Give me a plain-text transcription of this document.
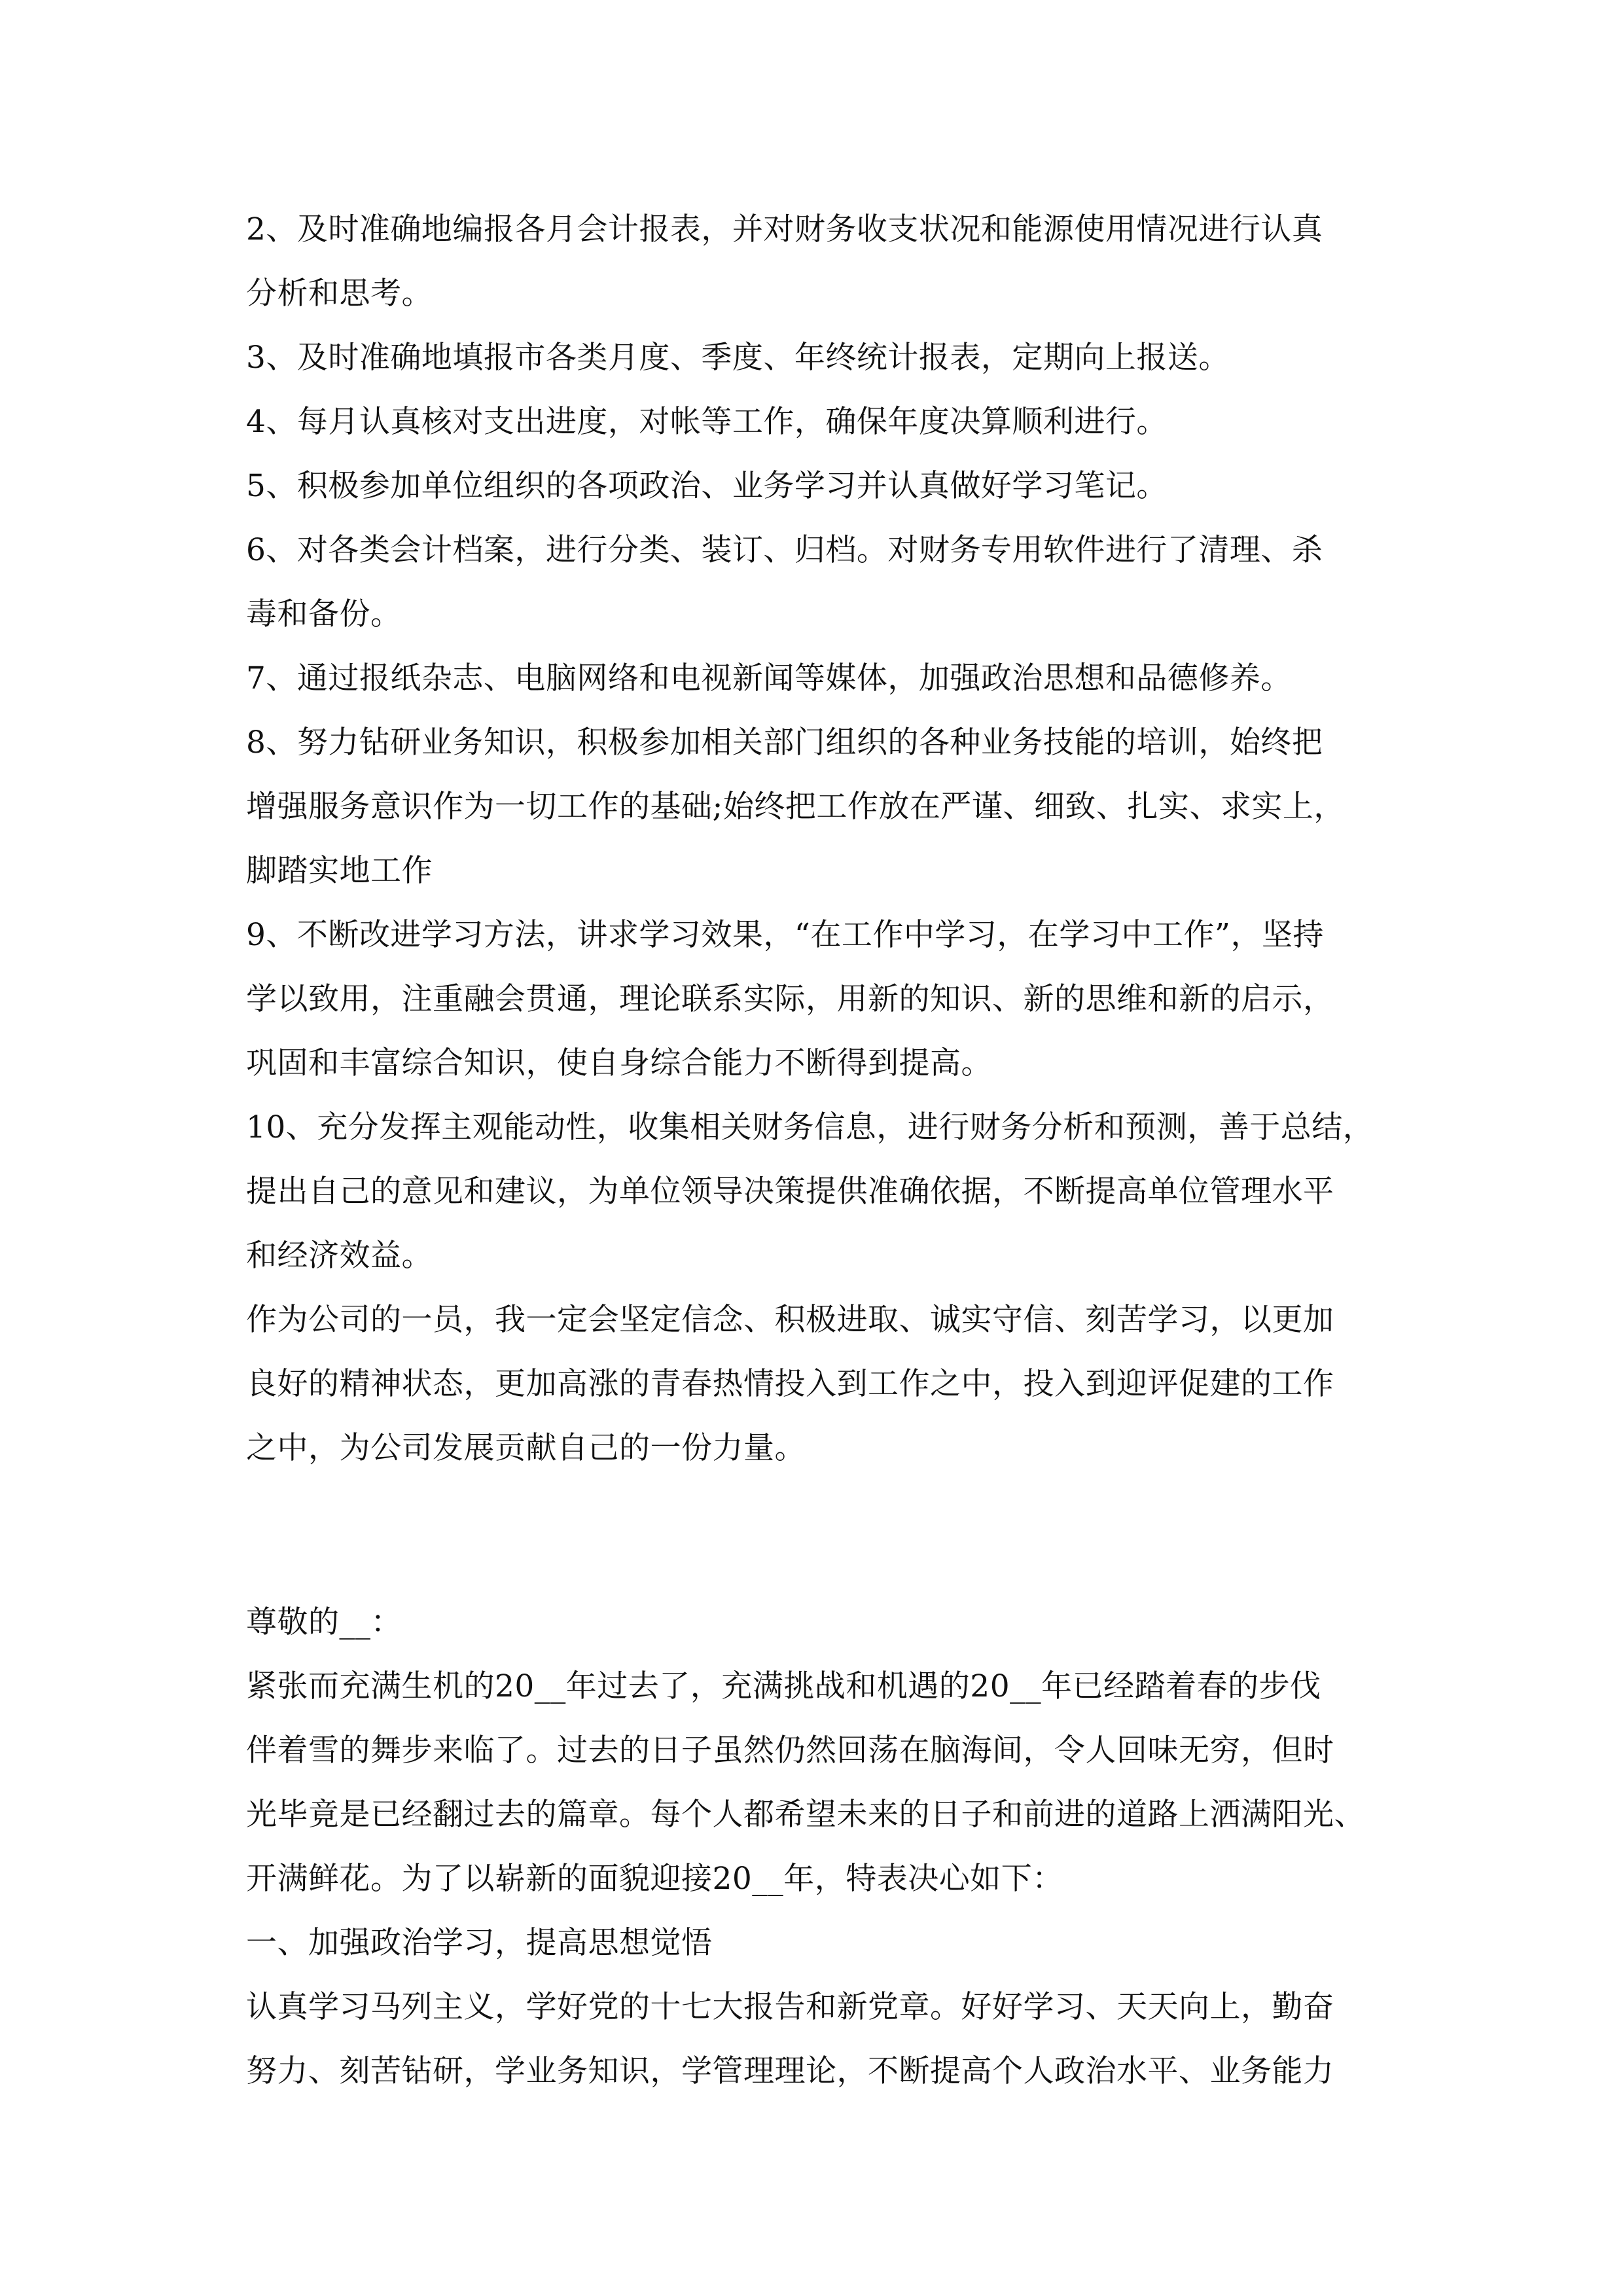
2、及时准确地编报各月会计报表，并对财务收支状况和能源使用情况进行认真
分析和思考。
3、及时准确地填报市各类月度、季度、年终统计报表，定期向上报送。
4、每月认真核对支出进度，对帐等工作，确保年度决算顺利进行。
5、积极参加单位组织的各项政治、业务学习并认真做好学习笔记。
6、对各类会计档案，进行分类、装订、归档。对财务专用软件进行了清理、杀
毒和备份。
7、通过报纸杂志、电脑网络和电视新闻等媒体，加强政治思想和品德修养。
8、努力钻研业务知识，积极参加相关部门组织的各种业务技能的培训，始终把
增强服务意识作为一切工作的基础;始终把工作放在严谨、细致、扎实、求实上，
脚踏实地工作
9、不断改进学习方法，讲求学习效果，“在工作中学习，在学习中工作”，坚持
学以致用，注重融会贯通，理论联系实际，用新的知识、新的思维和新的启示，
巩固和丰富综合知识，使自身综合能力不断得到提高。
10、充分发挥主观能动性，收集相关财务信息，进行财务分析和预测，善于总结，
提出自己的意见和建议，为单位领导决策提供准确依据，不断提高单位管理水平
和经济效益。
作为公司的一员，我一定会坚定信念、积极进取、诚实守信、刻苦学习，以更加
良好的精神状态，更加高涨的青春热情投入到工作之中，投入到迎评促建的工作
之中，为公司发展贡献自己的一份力量。
尊敬的__：
紧张而充满生机的20__年过去了，充满挑战和机遇的20__年已经踏着春的步伐
伴着雪的舞步来临了。过去的日子虽然仍然回荡在脑海间，令人回味无穷，但时
光毕竟是已经翻过去的篇章。每个人都希望未来的日子和前进的道路上洒满阳光、
开满鲜花。为了以崭新的面貌迎接20__年，特表决心如下：
一、加强政治学习，提高思想觉悟
认真学习马列主义，学好党的十七大报告和新党章。好好学习、天天向上，勤奋
努力、刻苦钻研，学业务知识，学管理理论，不断提高个人政治水平、业务能力
